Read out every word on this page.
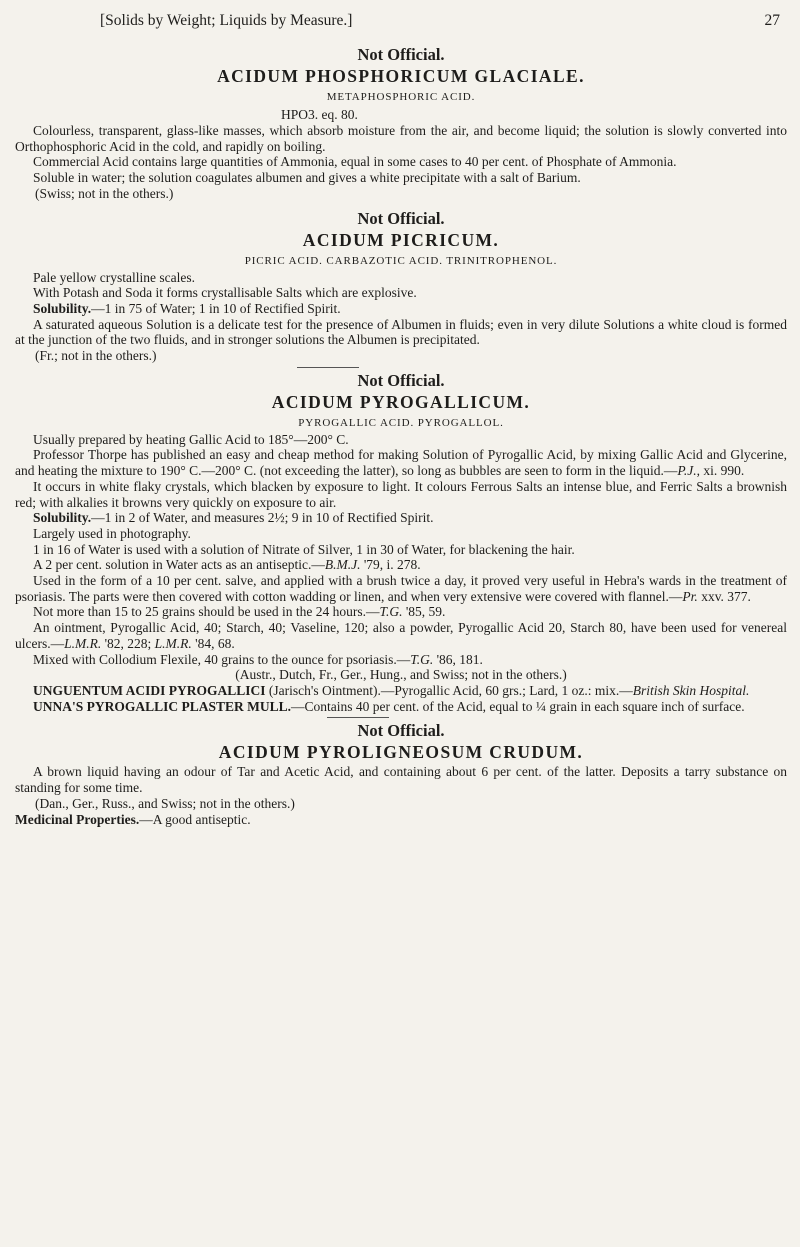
[Solids by Weight; Liquids by Measure.]	27

Not Official.

ACIDUM PHOSPHORICUM GLACIALE.

METAPHOSPHORIC ACID.

HPO3. eq. 80.

Colourless, transparent, glass-like masses, which absorb moisture from the air, and become liquid; the solution is slowly converted into Orthophosphoric Acid in the cold, and rapidly on boiling.

Commercial Acid contains large quantities of Ammonia, equal in some cases to 40 per cent. of Phosphate of Ammonia.

Soluble in water; the solution coagulates albumen and gives a white precipitate with a salt of Barium.

(Swiss; not in the others.)

Not Official.

ACIDUM PICRICUM.

PICRIC ACID. CARBAZOTIC ACID. TRINITROPHENOL.

Pale yellow crystalline scales.

With Potash and Soda it forms crystallisable Salts which are explosive.

Solubility.—1 in 75 of Water; 1 in 10 of Rectified Spirit.

A saturated aqueous Solution is a delicate test for the presence of Albumen in fluids; even in very dilute Solutions a white cloud is formed at the junction of the two fluids, and in stronger solutions the Albumen is precipitated.

(Fr.; not in the others.)

Not Official.

ACIDUM PYROGALLICUM.

PYROGALLIC ACID. PYROGALLOL.

Usually prepared by heating Gallic Acid to 185°—200° C.

Professor Thorpe has published an easy and cheap method for making Solution of Pyrogallic Acid, by mixing Gallic Acid and Glycerine, and heating the mixture to 190° C.—200° C. (not exceeding the latter), so long as bubbles are seen to form in the liquid.—P.J., xi. 990.

It occurs in white flaky crystals, which blacken by exposure to light. It colours Ferrous Salts an intense blue, and Ferric Salts a brownish red; with alkalies it browns very quickly on exposure to air.

Solubility.—1 in 2 of Water, and measures 2½; 9 in 10 of Rectified Spirit.

Largely used in photography.

1 in 16 of Water is used with a solution of Nitrate of Silver, 1 in 30 of Water, for blackening the hair.

A 2 per cent. solution in Water acts as an antiseptic.—B.M.J. '79, i. 278.

Used in the form of a 10 per cent. salve, and applied with a brush twice a day, it proved very useful in Hebra's wards in the treatment of psoriasis. The parts were then covered with cotton wadding or linen, and when very extensive were covered with flannel.—Pr. xxv. 377.

Not more than 15 to 25 grains should be used in the 24 hours.—T.G. '85, 59.

An ointment, Pyrogallic Acid, 40; Starch, 40; Vaseline, 120; also a powder, Pyrogallic Acid 20, Starch 80, have been used for venereal ulcers.—L.M.R. '82, 228; L.M.R. '84, 68.

Mixed with Collodium Flexile, 40 grains to the ounce for psoriasis.—T.G. '86, 181.

(Austr., Dutch, Fr., Ger., Hung., and Swiss; not in the others.)

UNGUENTUM ACIDI PYROGALLICI (Jarisch's Ointment).—Pyrogallic Acid, 60 grs.; Lard, 1 oz.: mix.—British Skin Hospital.

UNNA'S PYROGALLIC PLASTER MULL.—Contains 40 per cent. of the Acid, equal to ¼ grain in each square inch of surface.

Not Official.

ACIDUM PYROLIGNEOSUM CRUDUM.

A brown liquid having an odour of Tar and Acetic Acid, and containing about 6 per cent. of the latter. Deposits a tarry substance on standing for some time.

(Dan., Ger., Russ., and Swiss; not in the others.)

Medicinal Properties.—A good antiseptic.
